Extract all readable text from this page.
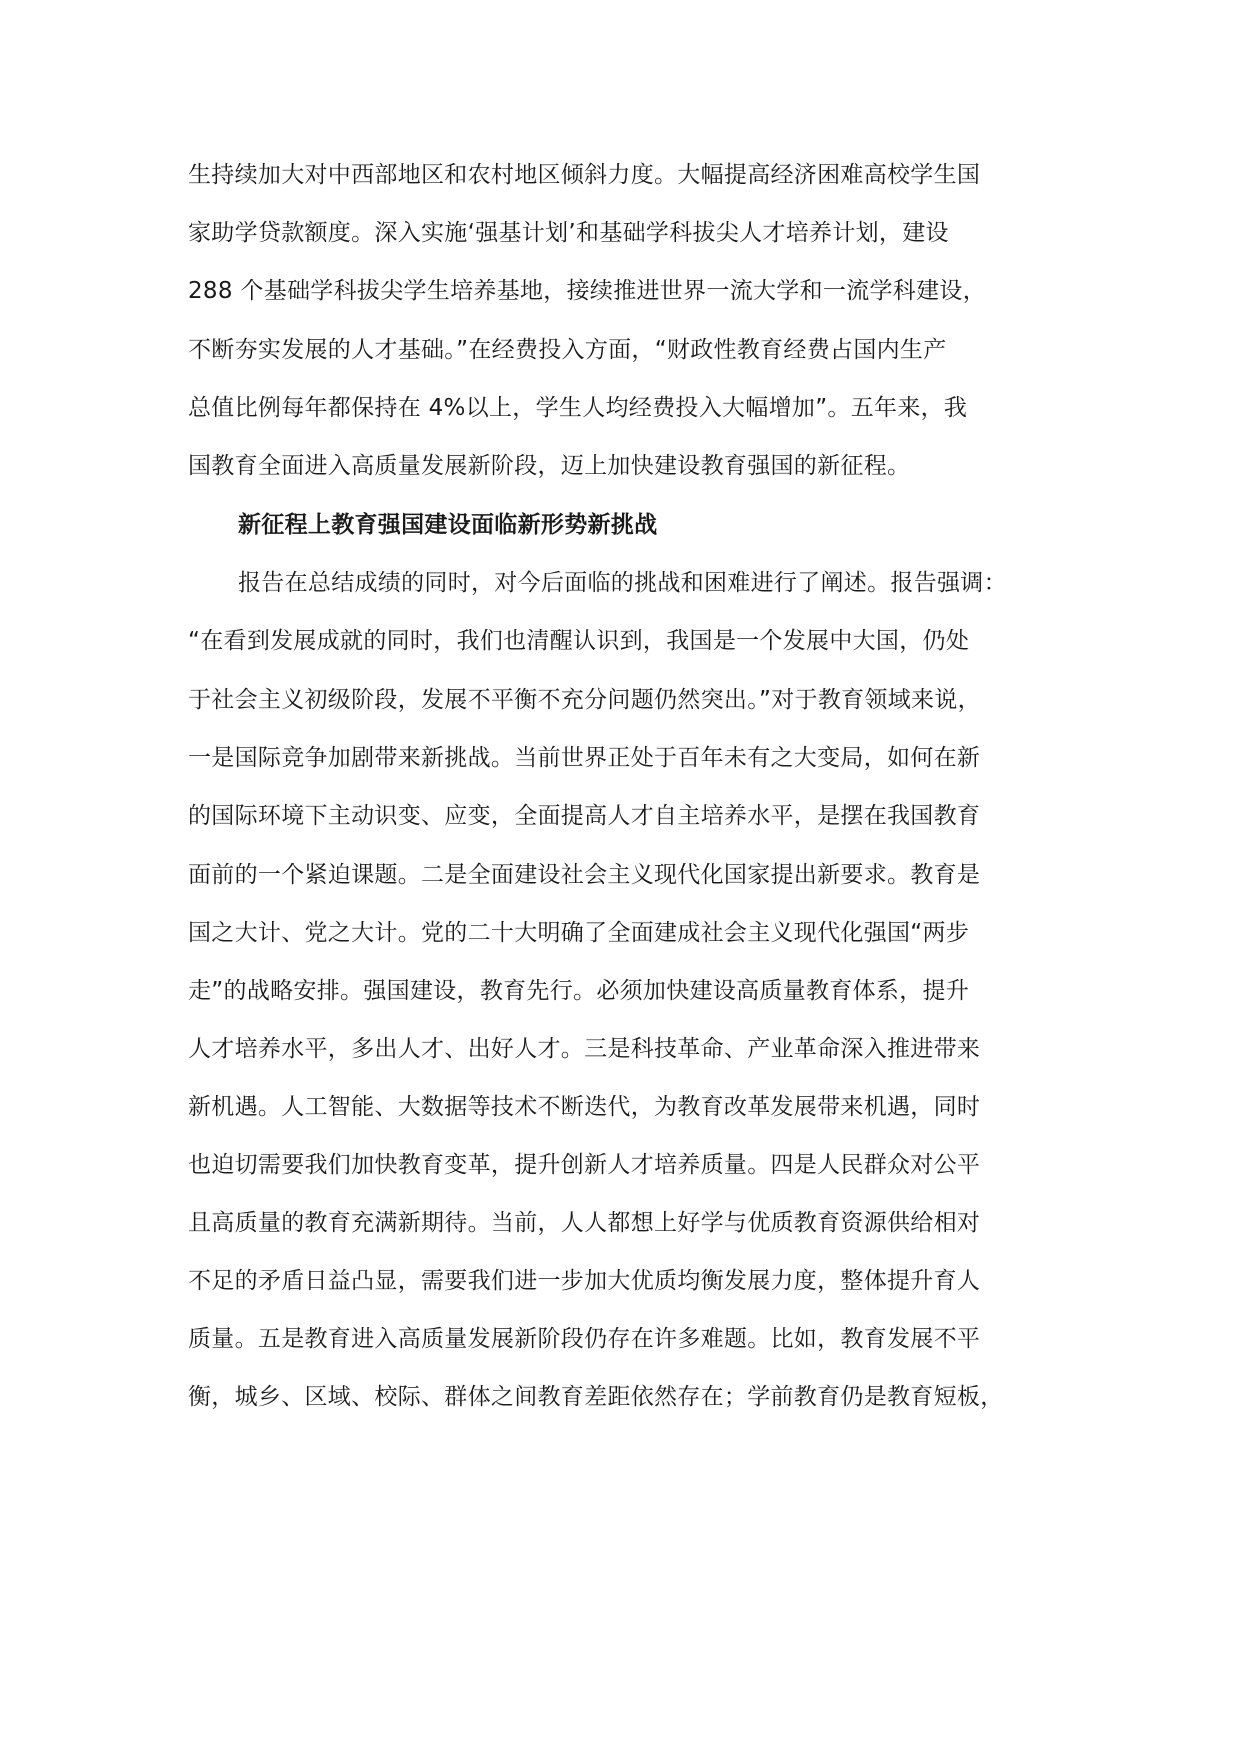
生持续加大对中西部地区和农村地区倾斜力度。大幅提高经济困难高校学生国
家助学贷款额度。深入实施‘强基计划’和基础学科拔尖人才培养计划，建设
288 个基础学科拔尖学生培养基地，接续推进世界一流大学和一流学科建设，
不断夯实发展的人才基础。”在经费投入方面，“财政性教育经费占国内生产
总值比例每年都保持在 4%以上，学生人均经费投入大幅增加”。五年来，我
国教育全面进入高质量发展新阶段，迈上加快建设教育强国的新征程。
新征程上教育强国建设面临新形势新挑战
报告在总结成绩的同时，对今后面临的挑战和困难进行了阐述。报告强调：
“在看到发展成就的同时，我们也清醒认识到，我国是一个发展中大国，仍处
于社会主义初级阶段，发展不平衡不充分问题仍然突出。”对于教育领域来说，
一是国际竞争加剧带来新挑战。当前世界正处于百年未有之大变局，如何在新
的国际环境下主动识变、应变，全面提高人才自主培养水平，是摆在我国教育
面前的一个紧迫课题。二是全面建设社会主义现代化国家提出新要求。教育是
国之大计、党之大计。党的二十大明确了全面建成社会主义现代化强国“两步
走”的战略安排。强国建设，教育先行。必须加快建设高质量教育体系，提升
人才培养水平，多出人才、出好人才。三是科技革命、产业革命深入推进带来
新机遇。人工智能、大数据等技术不断迭代，为教育改革发展带来机遇，同时
也迫切需要我们加快教育变革，提升创新人才培养质量。四是人民群众对公平
且高质量的教育充满新期待。当前，人人都想上好学与优质教育资源供给相对
不足的矛盾日益凸显，需要我们进一步加大优质均衡发展力度，整体提升育人
质量。五是教育进入高质量发展新阶段仍存在许多难题。比如，教育发展不平
衡，城乡、区域、校际、群体之间教育差距依然存在；学前教育仍是教育短板，
